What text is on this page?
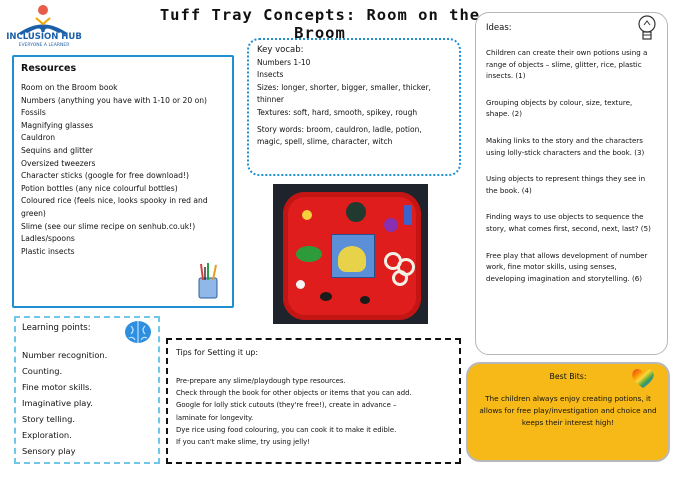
INCLUSION HUB
EVERYONE A LEARNER
Tuff Tray Concepts: Room on the Broom
Resources
Room on the Broom book
Numbers (anything you have with 1-10 or 20 on)
Fossils
Magnifying glasses
Cauldron
Sequins and glitter
Oversized tweezers
Character sticks (google for free download!)
Potion bottles (any nice colourful bottles)
Coloured rice (feels nice, looks spooky in red and
green)
Slime (see our slime recipe on senhub.co.uk!)
Ladles/spoons
Plastic insects
Key vocab:
Numbers 1-10
Insects
Sizes: longer, shorter, bigger, smaller, thicker,
thinner
Textures: soft, hard, smooth, spikey, rough
Story words: broom, cauldron, ladle, potion,
magic, spell, slime, character, witch
Ideas:
Children can create their own potions using a range of objects – slime, glitter, rice, plastic insects. (1)
Grouping objects by colour, size, texture, shape. (2)
Making links to the story and the characters using lolly-stick characters and the book. (3)
Using objects to represent things they see in the book. (4)
Finding ways to use objects to sequence the story, what comes first, second, next, last? (5)
Free play that allows development of number work, fine motor skills, using senses, developing imagination and storytelling. (6)
Learning points:
Number recognition.
Counting.
Fine motor skills.
Imaginative play.
Story telling.
Exploration.
Sensory play
Tips for Setting it up:
Pre-prepare any slime/playdough type resources.
Check through the book for other objects or items that you can add.
Google for lolly stick cutouts (they're free!), create in advance –
laminate for longevity.
Dye rice using food colouring, you can cook it to make it edible.
If you can't make slime, try using jelly!
Best Bits:
The children always enjoy creating potions, it allows for free play/investigation and choice and keeps their interest high!
